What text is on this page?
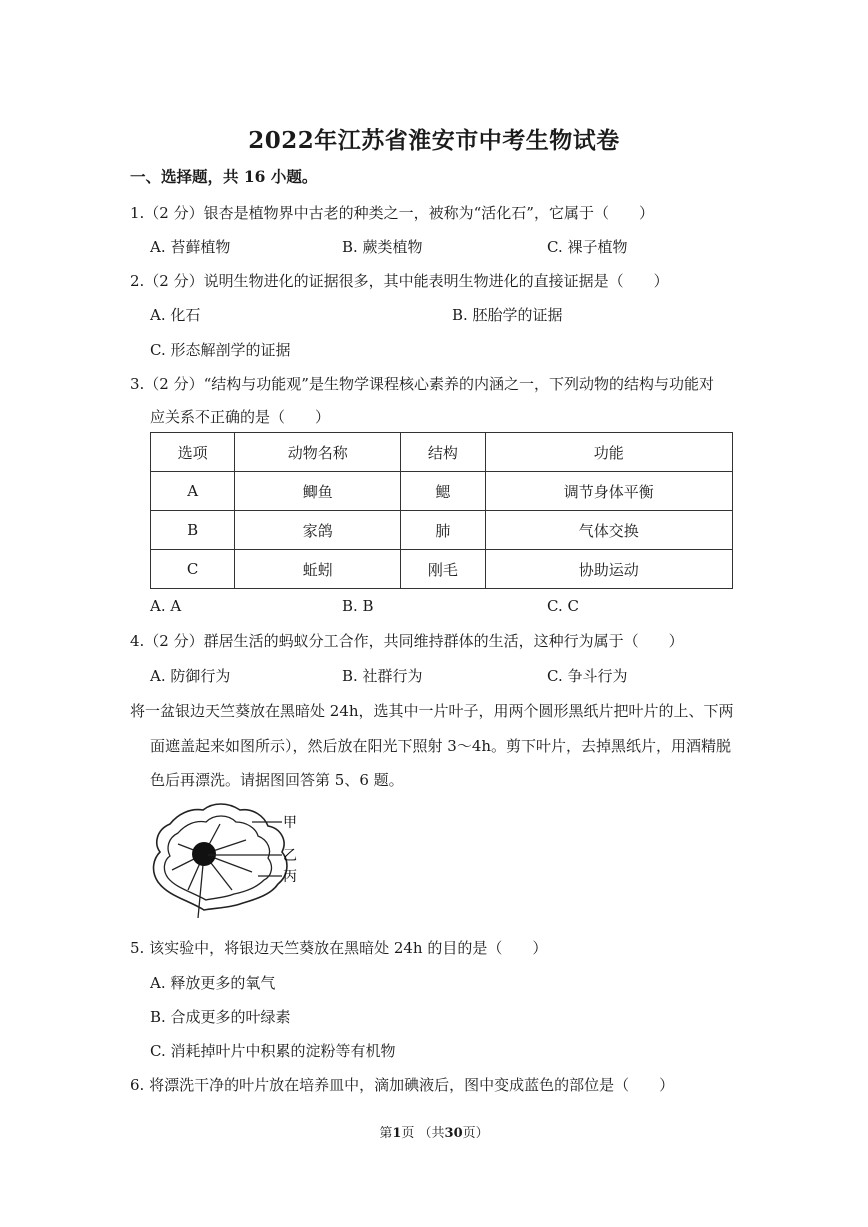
2022年江苏省淮安市中考生物试卷
一、选择题，共 16 小题。
1.（2 分）银杏是植物界中古老的种类之一，被称为“活化石”，它属于（　　）
A. 苔藓植物	B. 蕨类植物	C. 裸子植物
2.（2 分）说明生物进化的证据很多，其中能表明生物进化的直接证据是（　　）
A. 化石	B. 胚胎学的证据
C. 形态解剖学的证据
3.（2 分）“结构与功能观”是生物学课程核心素养的内涵之一，下列动物的结构与功能对
应关系不正确的是（　　）
选项	动物名称	结构	功能
A	鲫鱼	鳃	调节身体平衡
B	家鸽	肺	气体交换
C	蚯蚓	刚毛	协助运动
A. A	B. B	C. C
4.（2 分）群居生活的蚂蚁分工合作，共同维持群体的生活，这种行为属于（　　）
A. 防御行为	B. 社群行为	C. 争斗行为
将一盆银边天竺葵放在黑暗处 24h，选其中一片叶子，用两个圆形黑纸片把叶片的上、下两
面遮盖起来如图所示），然后放在阳光下照射 3～4h。剪下叶片，去掉黑纸片，用酒精脱
色后再漂洗。请据图回答第 5、6 题。
甲
乙
丙
5. 该实验中，将银边天竺葵放在黑暗处 24h 的目的是（　　）
A. 释放更多的氧气
B. 合成更多的叶绿素
C. 消耗掉叶片中积累的淀粉等有机物
6. 将漂洗干净的叶片放在培养皿中，滴加碘液后，图中变成蓝色的部位是（　　）
第1页 （共30页）
